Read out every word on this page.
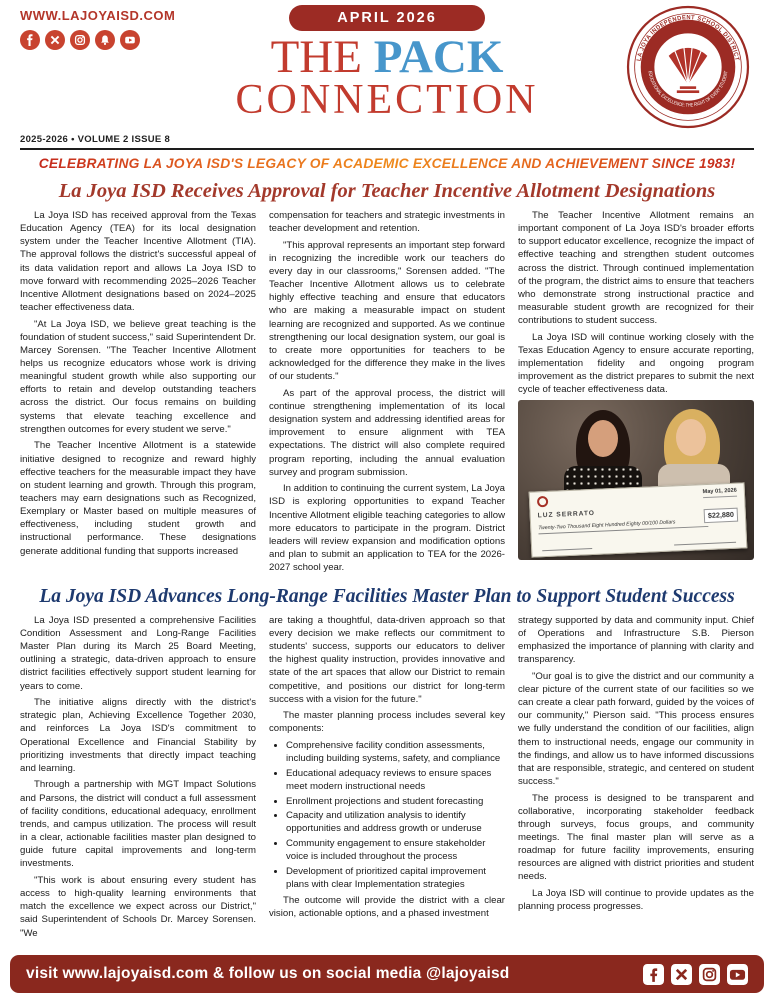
WWW.LAJOYAISD.COM	APRIL 2026
THE PACK
CONNECTION
LA JOYA INDEPENDENT SCHOOL DISTRICT
EDUCATIONAL EXCELLENCE: THE RIGHT OF EVERY STUDENT
2025-2026 • VOLUME 2 ISSUE 8
CELEBRATING LA JOYA ISD'S LEGACY OF ACADEMIC EXCELLENCE AND ACHIEVEMENT SINCE 1983!
La Joya ISD Receives Approval for Teacher Incentive Allotment Designations

La Joya ISD has received approval from the Texas Education Agency (TEA) for its local designation system under the Teacher Incentive Allotment (TIA). The approval follows the district's successful appeal of its data validation report and allows La Joya ISD to move forward with recommending 2025–2026 Teacher Incentive Allotment designations based on 2024–2025 teacher effectiveness data.

"At La Joya ISD, we believe great teaching is the foundation of student success," said Superintendent Dr. Marcey Sorensen. "The Teacher Incentive Allotment helps us recognize educators whose work is driving meaningful student growth while also supporting our efforts to retain and develop outstanding teachers across the district. Our focus remains on building systems that elevate teaching excellence and strengthen outcomes for every student we serve."

The Teacher Incentive Allotment is a statewide initiative designed to recognize and reward highly effective teachers for the measurable impact they have on student learning and growth. Through this program, teachers may earn designations such as Recognized, Exemplary or Master based on multiple measures of effectiveness, including student growth and instructional performance. These designations generate additional funding that supports increased

compensation for teachers and strategic investments in teacher development and retention.

"This approval represents an important step forward in recognizing the incredible work our teachers do every day in our classrooms," Sorensen added. "The Teacher Incentive Allotment allows us to celebrate highly effective teaching and ensure that educators who are making a measurable impact on student learning are recognized and supported. As we continue strengthening our local designation system, our goal is to create more opportunities for teachers to be acknowledged for the difference they make in the lives of our students."

As part of the approval process, the district will continue strengthening implementation of its local designation system and addressing identified areas for improvement to ensure alignment with TEA expectations. The district will also complete required program reporting, including the annual evaluation survey and program submission.

In addition to continuing the current system, La Joya ISD is exploring opportunities to expand Teacher Incentive Allotment eligible teaching categories to allow more educators to participate in the program. District leaders will review expansion and modification options and plan to submit an application to TEA for the 2026-2027 school year.

The Teacher Incentive Allotment remains an important component of La Joya ISD's broader efforts to support educator excellence, recognize the impact of effective teaching and strengthen student outcomes across the district. Through continued implementation of the program, the district aims to ensure that teachers who demonstrate strong instructional practice and measurable student growth are recognized for their contributions to student success.

La Joya ISD will continue working closely with the Texas Education Agency to ensure accurate reporting, implementation fidelity and ongoing program improvement as the district prepares to submit the next cycle of teacher effectiveness data.

May 01, 2026
LUZ SERRATO	$22,880
Twenty-Two Thousand Eight Hundred Eighty 00/100 Dollars
La Joya ISD Advances Long-Range Facilities Master Plan to Support Student Success

La Joya ISD presented a comprehensive Facilities Condition Assessment and Long-Range Facilities Master Plan during its March 25 Board Meeting, outlining a strategic, data-driven approach to ensure district facilities effectively support student learning for years to come.

The initiative aligns directly with the district's strategic plan, Achieving Excellence Together 2030, and reinforces La Joya ISD's commitment to Operational Excellence and Financial Stability by prioritizing investments that directly impact teaching and learning.

Through a partnership with MGT Impact Solutions and Parsons, the district will conduct a full assessment of facility conditions, educational adequacy, enrollment trends, and campus utilization. The process will result in a clear, actionable facilities master plan designed to guide future capital improvements and long-term investments.

"This work is about ensuring every student has access to high-quality learning environments that match the excellence we expect across our District," said Superintendent of Schools Dr. Marcey Sorensen. "We

are taking a thoughtful, data-driven approach so that every decision we make reflects our commitment to students' success, supports our educators to deliver the highest quality instruction, provides innovative and state of the art spaces that allow our District to remain competitive, and positions our district for long-term success with a vision for the future."

The master planning process includes several key components:

• Comprehensive facility condition assessments, including building systems, safety, and compliance
• Educational adequacy reviews to ensure spaces meet modern instructional needs
• Enrollment projections and student forecasting
• Capacity and utilization analysis to identify opportunities and address growth or underuse
• Community engagement to ensure stakeholder voice is included throughout the process
• Development of prioritized capital improvement plans with clear Implementation strategies

The outcome will provide the district with a clear vision, actionable options, and a phased investment

strategy supported by data and community input. Chief of Operations and Infrastructure S.B. Pierson emphasized the importance of planning with clarity and transparency.

"Our goal is to give the district and our community a clear picture of the current state of our facilities so we can create a clear path forward, guided by the voices of our community," Pierson said. "This process ensures we fully understand the condition of our facilities, align them to instructional needs, engage our community in the findings, and allow us to have informed discussions that are responsible, strategic, and centered on student success."

The process is designed to be transparent and collaborative, incorporating stakeholder feedback through surveys, focus groups, and community meetings. The final master plan will serve as a roadmap for future facility improvements, ensuring resources are aligned with district priorities and student needs.

La Joya ISD will continue to provide updates as the planning process progresses.

visit www.lajoyaisd.com & follow us on social media @lajoyaisd
